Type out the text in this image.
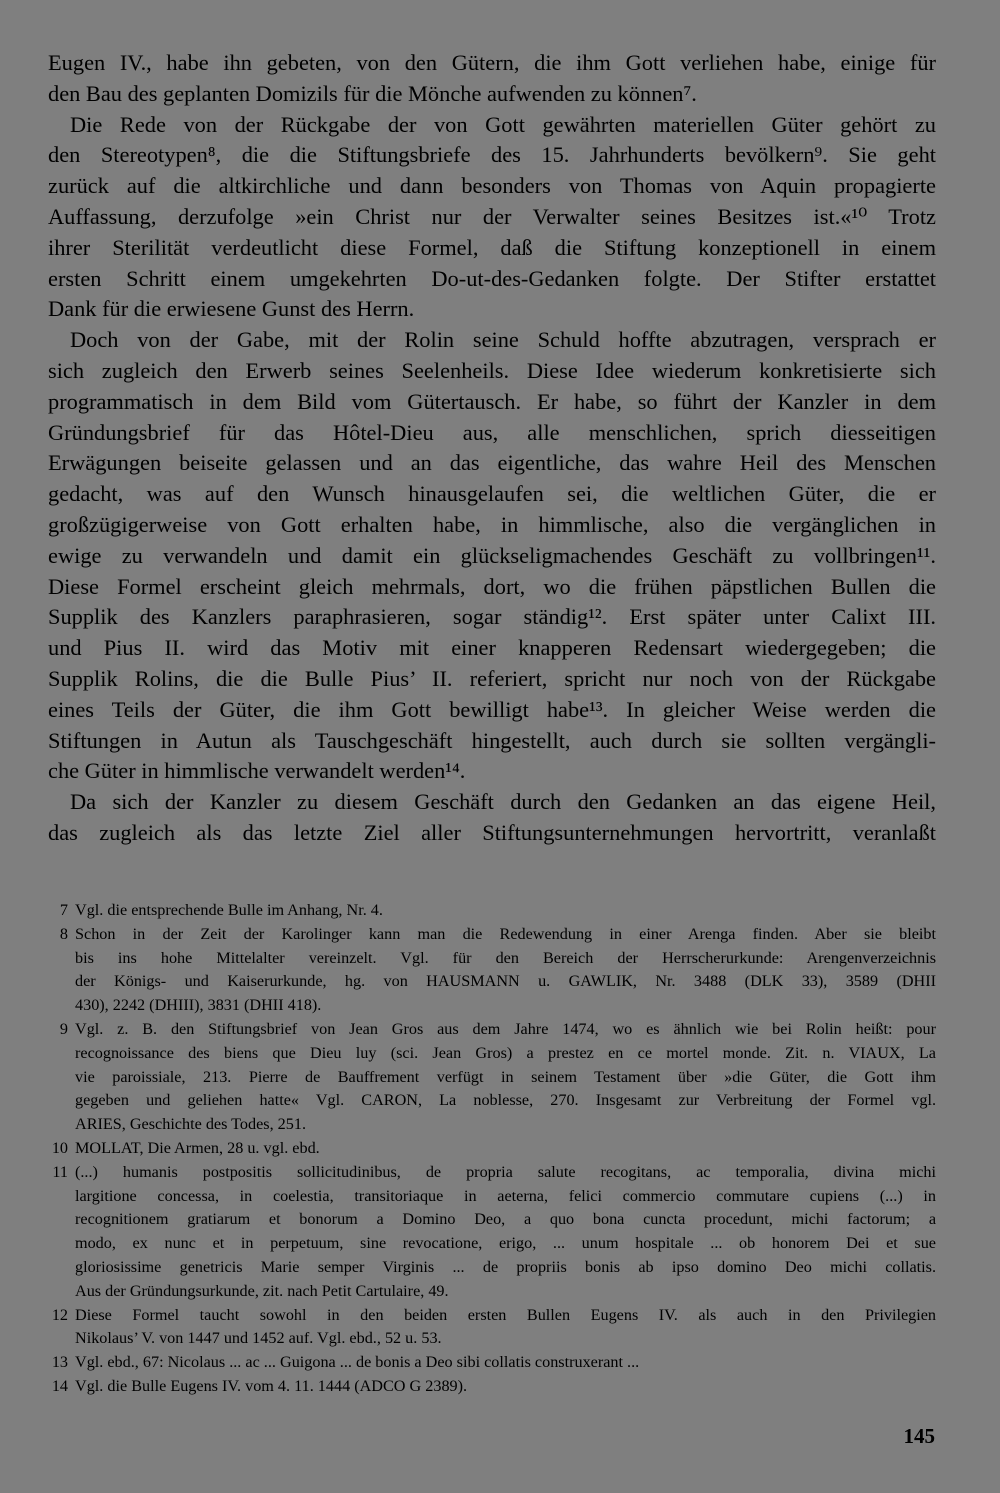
Eugen IV., habe ihn gebeten, von den Gütern, die ihm Gott verliehen habe, einige für
den Bau des geplanten Domizils für die Mönche aufwenden zu können⁷.
Die Rede von der Rückgabe der von Gott gewährten materiellen Güter gehört zu
den Stereotypen⁸, die die Stiftungsbriefe des 15. Jahrhunderts bevölkern⁹. Sie geht
zurück auf die altkirchliche und dann besonders von Thomas von Aquin propagierte
Auffassung, derzufolge »ein Christ nur der Verwalter seines Besitzes ist.«¹⁰ Trotz
ihrer Sterilität verdeutlicht diese Formel, daß die Stiftung konzeptionell in einem
ersten Schritt einem umgekehrten Do-ut-des-Gedanken folgte. Der Stifter erstattet
Dank für die erwiesene Gunst des Herrn.
Doch von der Gabe, mit der Rolin seine Schuld hoffte abzutragen, versprach er
sich zugleich den Erwerb seines Seelenheils. Diese Idee wiederum konkretisierte sich
programmatisch in dem Bild vom Gütertausch. Er habe, so führt der Kanzler in dem
Gründungsbrief für das Hôtel-Dieu aus, alle menschlichen, sprich diesseitigen
Erwägungen beiseite gelassen und an das eigentliche, das wahre Heil des Menschen
gedacht, was auf den Wunsch hinausgelaufen sei, die weltlichen Güter, die er
großzügigerweise von Gott erhalten habe, in himmlische, also die vergänglichen in
ewige zu verwandeln und damit ein glückseligmachendes Geschäft zu vollbringen¹¹.
Diese Formel erscheint gleich mehrmals, dort, wo die frühen päpstlichen Bullen die
Supplik des Kanzlers paraphrasieren, sogar ständig¹². Erst später unter Calixt III.
und Pius II. wird das Motiv mit einer knapperen Redensart wiedergegeben; die
Supplik Rolins, die die Bulle Pius’ II. referiert, spricht nur noch von der Rückgabe
eines Teils der Güter, die ihm Gott bewilligt habe¹³. In gleicher Weise werden die
Stiftungen in Autun als Tauschgeschäft hingestellt, auch durch sie sollten vergängli-
che Güter in himmlische verwandelt werden¹⁴.
Da sich der Kanzler zu diesem Geschäft durch den Gedanken an das eigene Heil,
das zugleich als das letzte Ziel aller Stiftungsunternehmungen hervortritt, veranlaßt
7 Vgl. die entsprechende Bulle im Anhang, Nr. 4.
8 Schon in der Zeit der Karolinger kann man die Redewendung in einer Arenga finden. Aber sie bleibt
bis ins hohe Mittelalter vereinzelt. Vgl. für den Bereich der Herrscherurkunde: Arengenverzeichnis
der Königs- und Kaiserurkunde, hg. von HAUSMANN u. GAWLIK, Nr. 3488 (DLK 33), 3589 (DHII
430), 2242 (DHIII), 3831 (DHII 418).
9 Vgl. z. B. den Stiftungsbrief von Jean Gros aus dem Jahre 1474, wo es ähnlich wie bei Rolin heißt: pour
recognoissance des biens que Dieu luy (sci. Jean Gros) a prestez en ce mortel monde. Zit. n. VIAUX, La
vie paroissiale, 213. Pierre de Bauffrement verfügt in seinem Testament über »die Güter, die Gott ihm
gegeben und geliehen hatte« Vgl. CARON, La noblesse, 270. Insgesamt zur Verbreitung der Formel vgl.
ARIES, Geschichte des Todes, 251.
10 MOLLAT, Die Armen, 28 u. vgl. ebd.
11 (...) humanis postpositis sollicitudinibus, de propria salute recogitans, ac temporalia, divina michi
largitione concessa, in coelestia, transitoriaque in aeterna, felici commercio commutare cupiens (...) in
recognitionem gratiarum et bonorum a Domino Deo, a quo bona cuncta procedunt, michi factorum; a
modo, ex nunc et in perpetuum, sine revocatione, erigo, ... unum hospitale ... ob honorem Dei et sue
gloriosissime genetricis Marie semper Virginis ... de propriis bonis ab ipso domino Deo michi collatis.
Aus der Gründungsurkunde, zit. nach Petit Cartulaire, 49.
12 Diese Formel taucht sowohl in den beiden ersten Bullen Eugens IV. als auch in den Privilegien
Nikolaus’ V. von 1447 und 1452 auf. Vgl. ebd., 52 u. 53.
13 Vgl. ebd., 67: Nicolaus ... ac ... Guigona ... de bonis a Deo sibi collatis construxerant ...
14 Vgl. die Bulle Eugens IV. vom 4. 11. 1444 (ADCO G 2389).
145
